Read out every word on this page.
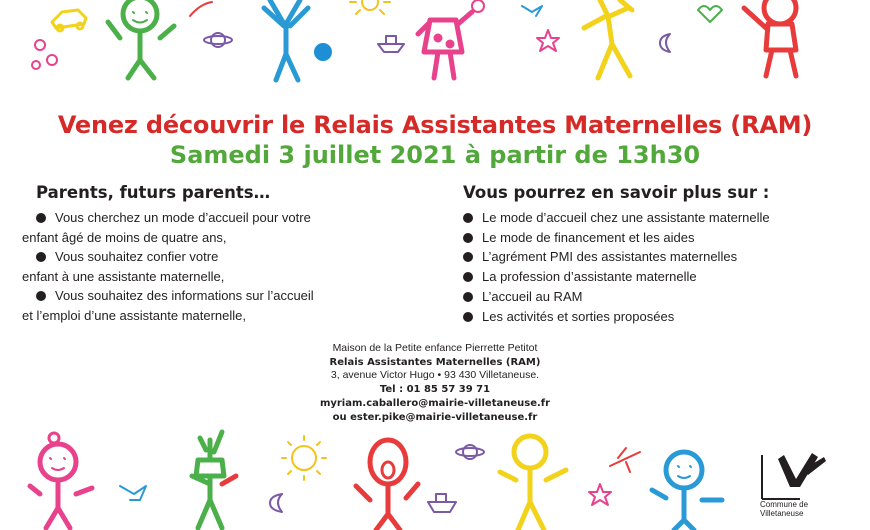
Venez découvrir le Relais Assistantes Maternelles (RAM)
Samedi 3 juillet 2021 à partir de 13h30
Parents, futurs parents…
Vous cherchez un mode d’accueil pour votre
enfant âgé de moins de quatre ans,
Vous souhaitez confier votre
enfant à une assistante maternelle,
Vous souhaitez des informations sur l’accueil
et l’emploi d’une assistante maternelle,
Vous pourrez en savoir plus sur :
Le mode d’accueil chez une assistante maternelle
Le mode de financement et les aides
L’agrément PMI des assistantes maternelles
La profession d’assistante maternelle
L’accueil au RAM
Les activités et sorties proposées
Maison de la Petite enfance Pierrette Petitot
Relais Assistantes Maternelles (RAM)
3, avenue Victor Hugo • 93 430 Villetaneuse.
Tel : 01 85 57 39 71
myriam.caballero@mairie-villetaneuse.fr
ou ester.pike@mairie-villetaneuse.fr
Commune de
Villetaneuse
